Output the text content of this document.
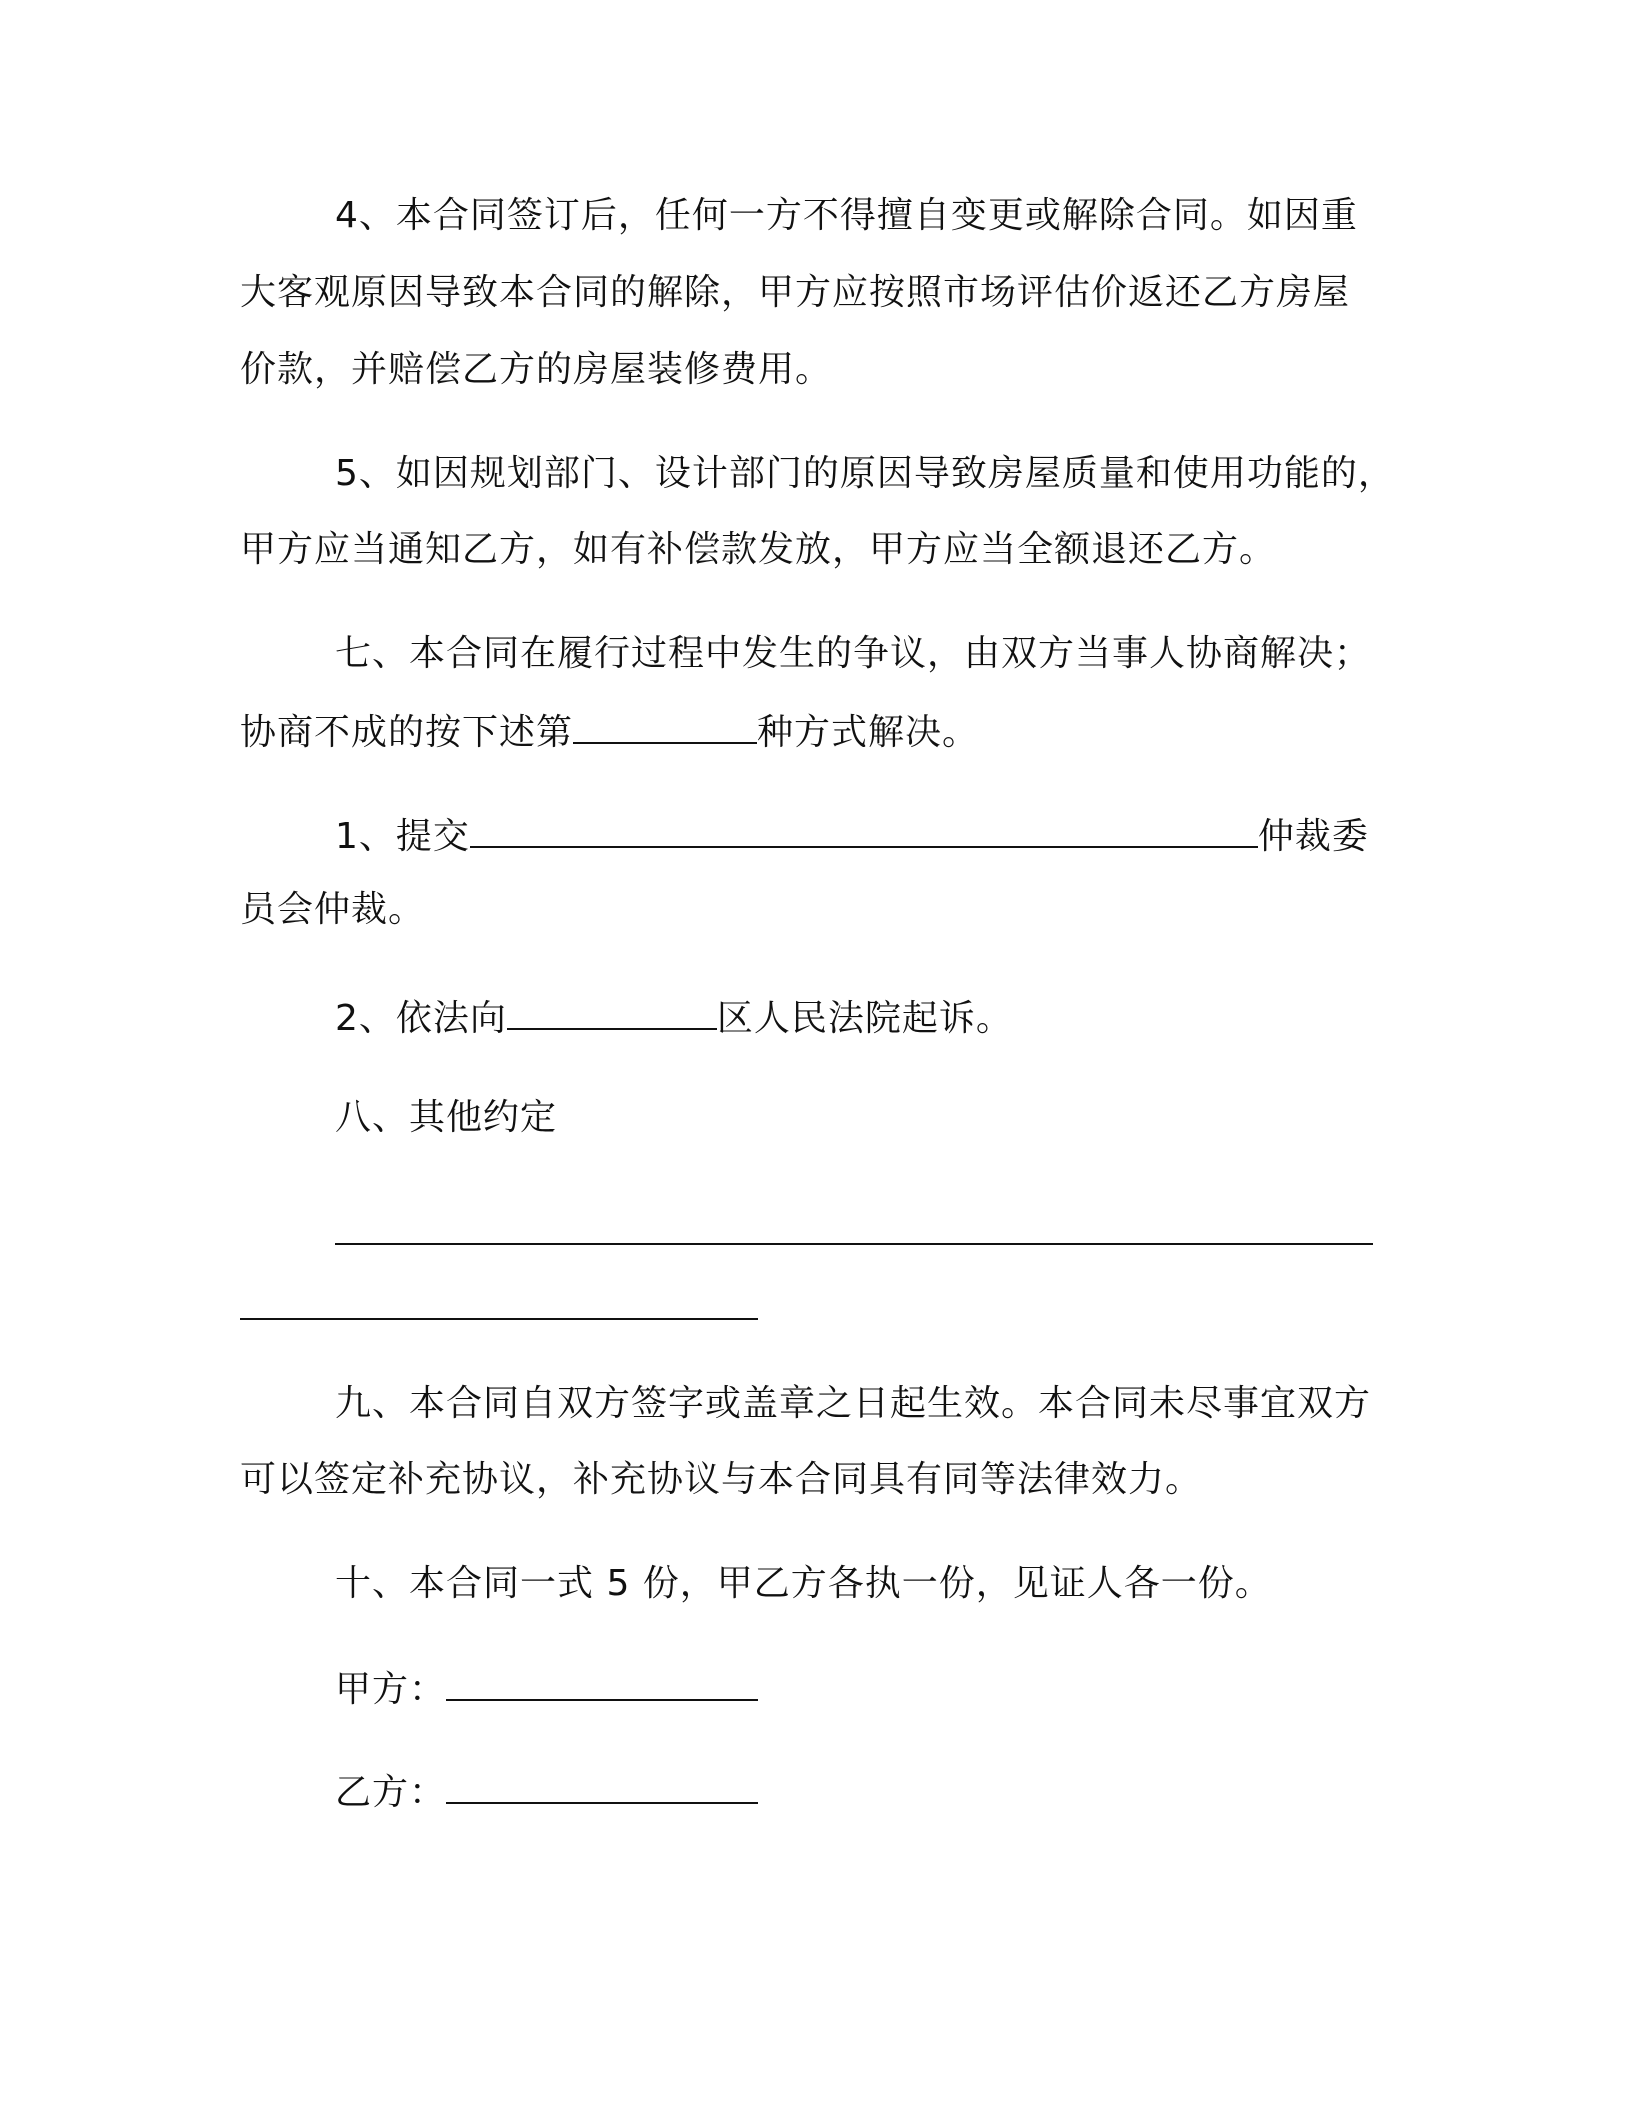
4、本合同签订后，任何一方不得擅自变更或解除合同。如因重
大客观原因导致本合同的解除，甲方应按照市场评估价返还乙方房屋
价款，并赔偿乙方的房屋装修费用。
5、如因规划部门、设计部门的原因导致房屋质量和使用功能的，
甲方应当通知乙方，如有补偿款发放，甲方应当全额退还乙方。
七、本合同在履行过程中发生的争议，由双方当事人协商解决；
协商不成的按下述第	种方式解决。
1、提交	仲裁委
员会仲裁。
2、依法向	区人民法院起诉。
八、其他约定
九、本合同自双方签字或盖章之日起生效。本合同未尽事宜双方
可以签定补充协议，补充协议与本合同具有同等法律效力。
十、本合同一式 5 份，甲乙方各执一份，见证人各一份。
甲方：
乙方：
